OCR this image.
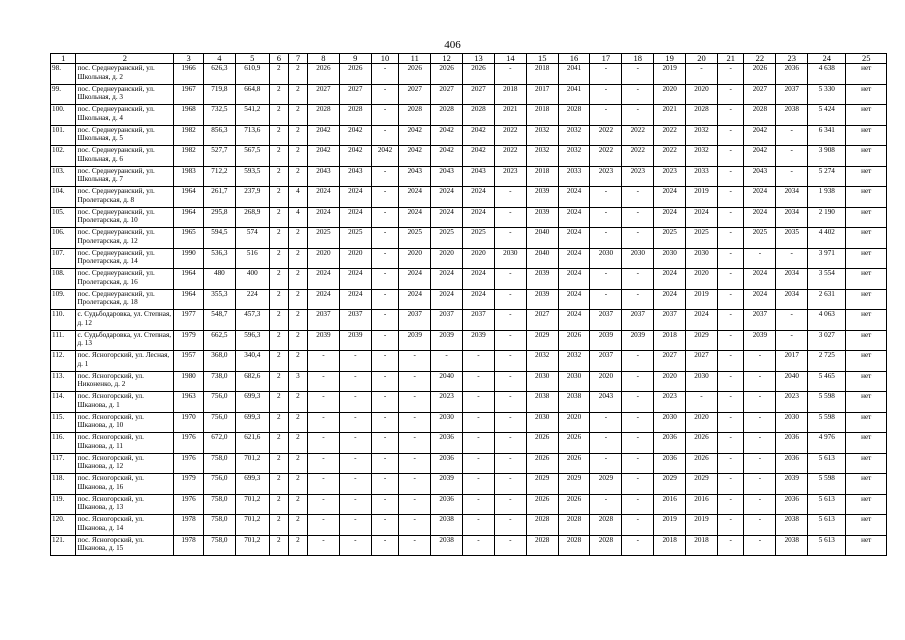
406
1	2	3	4	5	6	7	8	9	10	11	12	13	14	15	16	17	18	19	20	21	22	23	24	25
98.	пос. Среднеуранский, ул. Школьная, д. 2	1966	626,3	610,9	2	2	2026	2026	-	2026	2026	2026	-	2018	2041	-	-	2019	-	-	2026	2036	4 638	нет
99.	пос. Среднеуранский, ул. Школьная, д. 3	1967	719,8	664,8	2	2	2027	2027	-	2027	2027	2027	2018	2017	2041	-	-	2020	2020	-	2027	2037	5 330	нет
100.	пос. Среднеуранский, ул. Школьная, д. 4	1968	732,5	541,2	2	2	2028	2028	-	2028	2028	2028	2021	2018	2028	-	-	2021	2028	-	2028	2038	5 424	нет
101.	пос. Среднеуранский, ул. Школьная, д. 5	1982	856,3	713,6	2	2	2042	2042	-	2042	2042	2042	2022	2032	2032	2022	2022	2022	2032	-	2042	-	6 341	нет
102.	пос. Среднеуранский, ул. Школьная, д. 6	1982	527,7	567,5	2	2	2042	2042	2042	2042	2042	2042	2022	2032	2032	2022	2022	2022	2032	-	2042	-	3 908	нет
103.	пос. Среднеуранский, ул. Школьная, д. 7	1983	712,2	593,5	2	2	2043	2043	-	2043	2043	2043	2023	2018	2033	2023	2023	2023	2033	-	2043	-	5 274	нет
104.	пос. Среднеуранский, ул. Пролетарская, д. 8	1964	261,7	237,9	2	4	2024	2024	-	2024	2024	2024	-	2039	2024	-	-	2024	2019	-	2024	2034	1 938	нет
105.	пос. Среднеуранский, ул. Пролетарская, д. 10	1964	295,8	268,9	2	4	2024	2024	-	2024	2024	2024	-	2039	2024	-	-	2024	2024	-	2024	2034	2 190	нет
106.	пос. Среднеуранский, ул. Пролетарская, д. 12	1965	594,5	574	2	2	2025	2025	-	2025	2025	2025	-	2040	2024	-	-	2025	2025	-	2025	2035	4 402	нет
107.	пос. Среднеуранский, ул. Пролетарская, д. 14	1990	536,3	516	2	2	2020	2020	-	2020	2020	2020	2030	2040	2024	2030	2030	2030	2030	-	-	-	3 971	нет
108.	пос. Среднеуранский, ул. Пролетарская, д. 16	1964	480	400	2	2	2024	2024	-	2024	2024	2024	-	2039	2024	-	-	2024	2020	-	2024	2034	3 554	нет
109.	пос. Среднеуранский, ул. Пролетарская, д. 18	1964	355,3	224	2	2	2024	2024	-	2024	2024	2024	-	2039	2024	-	-	2024	2019	-	2024	2034	2 631	нет
110.	с. Судьбодаровка, ул. Степная, д. 12	1977	548,7	457,3	2	2	2037	2037	-	2037	2037	2037	-	2027	2024	2037	2037	2037	2024	-	2037	-	4 063	нет
111.	с. Судьбодаровка, ул. Степная, д. 13	1979	662,5	596,3	2	2	2039	2039	-	2039	2039	2039	-	2029	2026	2039	2039	2018	2029	-	2039	-	3 027	нет
112.	пос. Ясногорский, ул. Лесная, д. 1	1957	368,0	340,4	2	2	-	-	-	-	-	-	-	2032	2032	2037	-	2027	2027	-	-	2017	2 725	нет
113.	пос. Ясногорский, ул. Никоненко, д. 2	1980	738,0	682,6	2	3	-	-	-	-	2040	-	-	2030	2030	2020	-	2020	2030	-	-	2040	5 465	нет
114.	пос. Ясногорский, ул. Шканова, д. 1	1963	756,0	699,3	2	2	-	-	-	-	2023	-	-	2038	2038	2043	-	2023	-	-	-	2023	5 598	нет
115.	пос. Ясногорский, ул. Шканова, д. 10	1970	756,0	699,3	2	2	-	-	-	-	2030	-	-	2030	2020	-	-	2030	2020	-	-	2030	5 598	нет
116.	пос. Ясногорский, ул. Шканова, д. 11	1976	672,0	621,6	2	2	-	-	-	-	2036	-	-	2026	2026	-	-	2036	2026	-	-	2036	4 976	нет
117.	пос. Ясногорский, ул. Шканова, д. 12	1976	758,0	701,2	2	2	-	-	-	-	2036	-	-	2026	2026	-	-	2036	2026	-	-	2036	5 613	нет
118.	пос. Ясногорский, ул. Шканова, д. 16	1979	756,0	699,3	2	2	-	-	-	-	2039	-	-	2029	2029	2029	-	2029	2029	-	-	2039	5 598	нет
119.	пос. Ясногорский, ул. Шканова, д. 13	1976	758,0	701,2	2	2	-	-	-	-	2036	-	-	2026	2026	-	-	2016	2016	-	-	2036	5 613	нет
120.	пос. Ясногорский, ул. Шканова, д. 14	1978	758,0	701,2	2	2	-	-	-	-	2038	-	-	2028	2028	2028	-	2019	2019	-	-	2038	5 613	нет
121.	пос. Ясногорский, ул. Шканова, д. 15	1978	758,0	701,2	2	2	-	-	-	-	2038	-	-	2028	2028	2028	-	2018	2018	-	-	2038	5 613	нет
